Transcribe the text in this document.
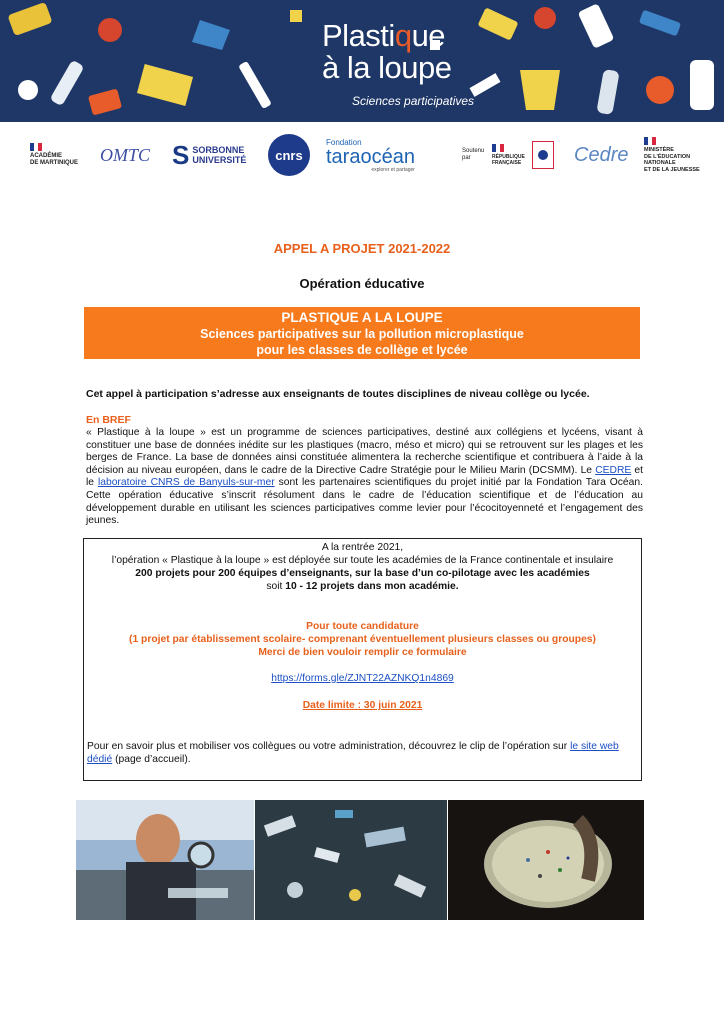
Plastique
à la loupe
Sciences participatives
ACADÉMIE
DE MARTINIQUE OMTC S SORBONNE
UNIVERSITÉ	cnrs
Fondation
taraocéan
explorer et partager
Soutenu par	RÉPUBLIQUE
FRANÇAISE	Cedre	MINISTÈRE
DE L'ÉDUCATION
NATIONALE
ET DE LA JEUNESSE
APPEL A PROJET 2021-2022
Opération éducative
PLASTIQUE A LA LOUPE
Sciences participatives sur la pollution microplastique
pour les classes de collège et lycée
Cet appel à participation s’adresse aux enseignants de toutes disciplines de niveau collège ou lycée.
En BREF

« Plastique à la loupe » est un programme de sciences participatives, destiné aux collégiens et lycéens, visant à constituer une base de données inédite sur les plastiques (macro, méso et micro) qui se retrouvent sur les plages et les berges de France. La base de données ainsi constituée alimentera la recherche scientifique et contribuera à l’aide à la décision au niveau européen, dans le cadre de la Directive Cadre Stratégie pour le Milieu Marin (DCSMM). Le CEDRE et le laboratoire CNRS de Banyuls-sur-mer sont les partenaires scientifiques du projet initié par la Fondation Tara Océan. Cette opération éducative s’inscrit résolument dans le cadre de l’éducation scientifique et de l’éducation au développement durable en utilisant les sciences participatives comme levier pour l’écocitoyenneté et l’engagement des jeunes.

A la rentrée 2021,
l’opération « Plastique à la loupe » est déployée sur toute les académies de la France continentale et insulaire
200 projets pour 200 équipes d’enseignants, sur la base d’un co-pilotage avec les académies
soit 10 - 12 projets dans mon académie.
Pour toute candidature
(1 projet par établissement scolaire- comprenant éventuellement plusieurs classes ou groupes)
Merci de bien vouloir remplir ce formulaire
https://forms.gle/ZJNT22AZNKQ1n4869
Date limite : 30 juin 2021
Pour en savoir plus et mobiliser vos collègues ou votre administration, découvrez le clip de l’opération sur le site web dédié (page d’accueil).
